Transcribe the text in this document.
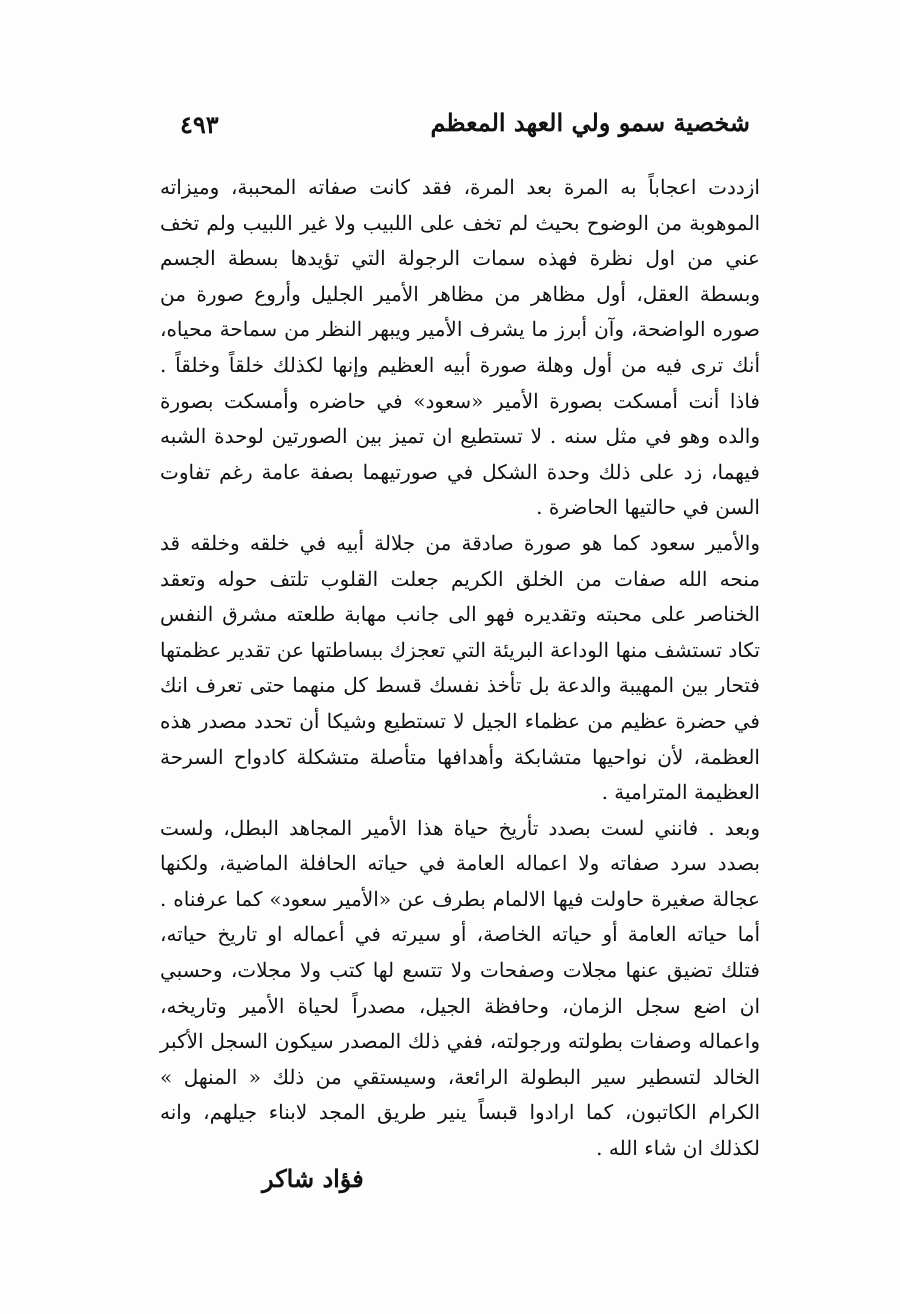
شخصية سمو ولي العهد المعظم
٤٩٣

ازددت اعجاباً به المرة بعد المرة، فقد كانت صفاته المحببة، وميزاته الموهوبة من الوضوح بحيث لم تخف على اللبيب ولا غير اللبيب ولم تخف عني من اول نظرة فهذه سمات الرجولة التي تؤيدها بسطة الجسم وبسطة العقل، أول مظاهر من مظاهر الأمير الجليل وأروع صورة من صوره الواضحة، وآن أبرز ما يشرف الأمير ويبهر النظر من سماحة محياه، أنك ترى فيه من أول وهلة صورة أبيه العظيم وإنها لكذلك خلقاً وخلقاً . فاذا أنت أمسكت بصورة الأمير «سعود» في حاضره وأمسكت بصورة والده وهو في مثل سنه . لا تستطيع ان تميز بين الصورتين لوحدة الشبه فيهما، زد على ذلك وحدة الشكل في صورتيهما بصفة عامة رغم تفاوت السن في حالتيها الحاضرة .

والأمير سعود كما هو صورة صادقة من جلالة أبيه في خلقه وخلقه قد منحه الله صفات من الخلق الكريم جعلت القلوب تلتف حوله وتعقد الخناصر على محبته وتقديره فهو الى جانب مهابة طلعته مشرق النفس تكاد تستشف منها الوداعة البريئة التي تعجزك ببساطتها عن تقدير عظمتها فتحار بين المهيبة والدعة بل تأخذ نفسك قسط كل منهما حتى تعرف انك في حضرة عظيم من عظماء الجيل لا تستطيع وشيكا أن تحدد مصدر هذه العظمة، لأن نواحيها متشابكة وأهدافها متأصلة متشكلة كادواح السرحة العظيمة المترامية .

وبعد . فانني لست بصدد تأريخ حياة هذا الأمير المجاهد البطل، ولست بصدد سرد صفاته ولا اعماله العامة في حياته الحافلة الماضية، ولكنها عجالة صغيرة حاولت فيها الالمام بطرف عن «الأمير سعود» كما عرفناه . أما حياته العامة أو حياته الخاصة، أو سيرته في أعماله او تاريخ حياته، فتلك تضيق عنها مجلات وصفحات ولا تتسع لها كتب ولا مجلات، وحسبي ان اضع سجل الزمان، وحافظة الجيل، مصدراً لحياة الأمير وتاريخه، واعماله وصفات بطولته ورجولته، ففي ذلك المصدر سيكون السجل الأكبر الخالد لتسطير سير البطولة الرائعة، وسيستقي من ذلك « المنهل » الكرام الكاتبون، كما ارادوا قبساً ينير طريق المجد لابناء جيلهم، وانه لكذلك ان شاء الله .

فؤاد شاكر
